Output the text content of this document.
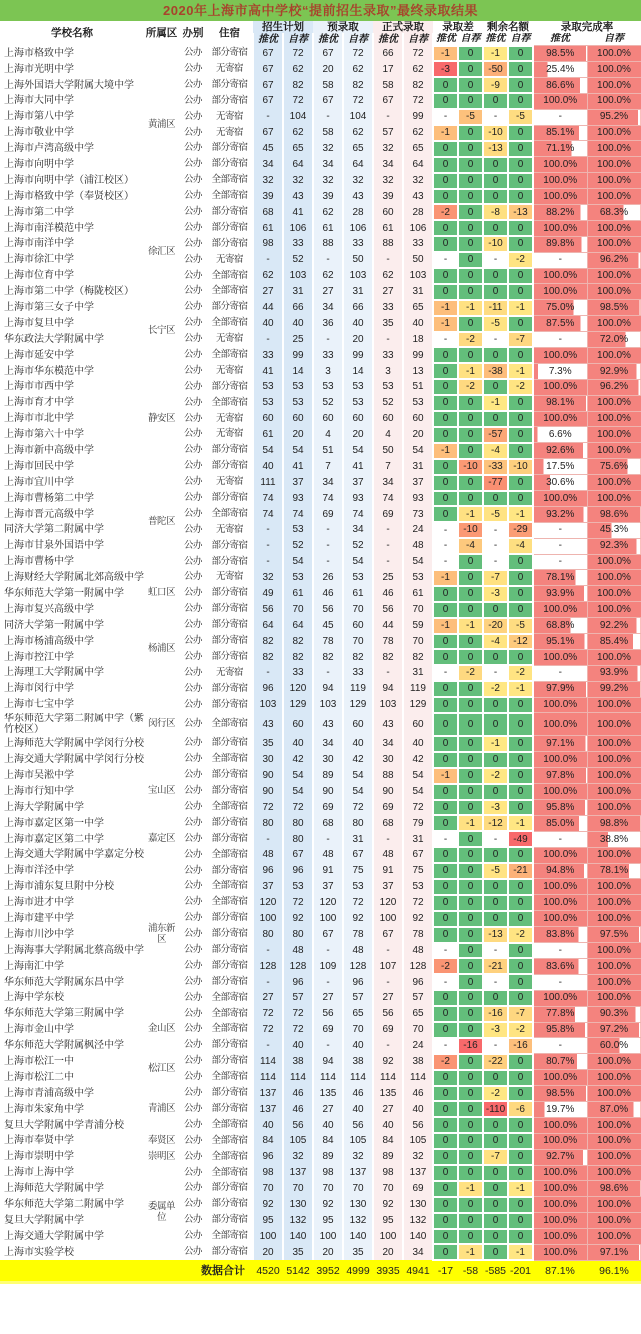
2020年上海市高中学校“提前招生录取”最终录取结果
学校名称	所属区	办别	住宿	招生计划		预录取		正式录取		录取差		剩余名额		录取完成率	
				推优	自荐	推优	自荐	推优	自荐	推优	自荐	推优	自荐	推优	自荐
上海市格致中学	黄浦区	公办	部分寄宿	67	72	67	72	66	72	-1	0	-1	0	98.5%	100.0%
上海市光明中学		公办	无寄宿	67	62	20	62	17	62	-3	0	-50	0	25.4%	100.0%
上海外国语大学附属大境中学		公办	部分寄宿	67	82	58	82	58	82	0	0	-9	0	86.6%	100.0%
上海市大同中学		公办	部分寄宿	67	72	67	72	67	72	0	0	0	0	100.0%	100.0%
上海市第八中学		公办	无寄宿	-	104	-	104	-	99	-	-5	-	-5	-	95.2%
上海市敬业中学		公办	无寄宿	67	62	58	62	57	62	-1	0	-10	0	85.1%	100.0%
上海市卢湾高级中学		公办	部分寄宿	45	65	32	65	32	65	0	0	-13	0	71.1%	100.0%
上海市向明中学		公办	部分寄宿	34	64	34	64	34	64	0	0	0	0	100.0%	100.0%
上海市向明中学（浦江校区）		公办	全部寄宿	32	32	32	32	32	32	0	0	0	0	100.0%	100.0%
上海市格致中学（奉贤校区）		公办	全部寄宿	39	43	39	43	39	43	0	0	0	0	100.0%	100.0%
上海市第二中学	徐汇区	公办	部分寄宿	68	41	62	28	60	28	-2	0	-8	-13	88.2%	68.3%
上海市南洋模范中学		公办	部分寄宿	61	106	61	106	61	106	0	0	0	0	100.0%	100.0%
上海市南洋中学		公办	部分寄宿	98	33	88	33	88	33	0	0	-10	0	89.8%	100.0%
上海市徐汇中学		公办	无寄宿	-	52	-	50	-	50	-	0	-	-2	-	96.2%
上海市位育中学		公办	全部寄宿	62	103	62	103	62	103	0	0	0	0	100.0%	100.0%
上海市第二中学（梅陇校区）		公办	全部寄宿	27	31	27	31	27	31	0	0	0	0	100.0%	100.0%
上海市第三女子中学	长宁区	公办	部分寄宿	44	66	34	66	33	65	-1	-1	-11	-1	75.0%	98.5%
上海市复旦中学		公办	全部寄宿	40	40	36	40	35	40	-1	0	-5	0	87.5%	100.0%
华东政法大学附属中学		公办	无寄宿	-	25	-	20	-	18	-	-2	-	-7	-	72.0%
上海市延安中学		公办	全部寄宿	33	99	33	99	33	99	0	0	0	0	100.0%	100.0%
上海市华东模范中学	静安区	公办	无寄宿	41	14	3	14	3	13	0	-1	-38	-1	7.3%	92.9%
上海市市西中学		公办	部分寄宿	53	53	53	53	53	51	0	-2	0	-2	100.0%	96.2%
上海市育才中学		公办	全部寄宿	53	53	52	53	52	53	0	0	-1	0	98.1%	100.0%
上海市市北中学		公办	无寄宿	60	60	60	60	60	60	0	0	0	0	100.0%	100.0%
上海市第六十中学		公办	无寄宿	61	20	4	20	4	20	0	0	-57	0	6.6%	100.0%
上海市新中高级中学		公办	部分寄宿	54	54	51	54	50	54	-1	0	-4	0	92.6%	100.0%
上海市回民中学		公办	部分寄宿	40	41	7	41	7	31	0	-10	-33	-10	17.5%	75.6%
上海市宜川中学	普陀区	公办	无寄宿	111	37	34	37	34	37	0	0	-77	0	30.6%	100.0%
上海市曹杨第二中学		公办	部分寄宿	74	93	74	93	74	93	0	0	0	0	100.0%	100.0%
上海市晋元高级中学		公办	全部寄宿	74	74	69	74	69	73	0	-1	-5	-1	93.2%	98.6%
同济大学第二附属中学		公办	无寄宿	-	53	-	34	-	24	-	-10	-	-29	-	45.3%
上海市甘泉外国语中学		公办	部分寄宿	-	52	-	52	-	48	-	-4	-	-4	-	92.3%
上海市曹杨中学		公办	部分寄宿	-	54	-	54	-	54	-	0	-	0	-	100.0%
上海财经大学附属北郊高级中学	虹口区	公办	无寄宿	32	53	26	53	25	53	-1	0	-7	0	78.1%	100.0%
华东师范大学第一附属中学		公办	部分寄宿	49	61	46	61	46	61	0	0	-3	0	93.9%	100.0%
上海市复兴高级中学		公办	部分寄宿	56	70	56	70	56	70	0	0	0	0	100.0%	100.0%
同济大学第一附属中学	杨浦区	公办	部分寄宿	64	64	45	60	44	59	-1	-1	-20	-5	68.8%	92.2%
上海市杨浦高级中学		公办	部分寄宿	82	82	78	70	78	70	0	0	-4	-12	95.1%	85.4%
上海市控江中学		公办	部分寄宿	82	82	82	82	82	82	0	0	0	0	100.0%	100.0%
上海理工大学附属中学		公办	无寄宿	-	33	-	33	-	31	-	-2	-	-2	-	93.9%
上海市闵行中学	闵行区	公办	部分寄宿	96	120	94	119	94	119	0	0	-2	-1	97.9%	99.2%
上海市七宝中学		公办	部分寄宿	103	129	103	129	103	129	0	0	0	0	100.0%	100.0%
华东师范大学第二附属中学（紫竹校区）		公办	全部寄宿	43	60	43	60	43	60	0	0	0	0	100.0%	100.0%
上海师范大学附属中学闵行分校		公办	部分寄宿	35	40	34	40	34	40	0	0	-1	0	97.1%	100.0%
上海交通大学附属中学闵行分校		公办	全部寄宿	30	42	30	42	30	42	0	0	0	0	100.0%	100.0%
上海市吴淞中学	宝山区	公办	部分寄宿	90	54	89	54	88	54	-1	0	-2	0	97.8%	100.0%
上海市行知中学		公办	部分寄宿	90	54	90	54	90	54	0	0	0	0	100.0%	100.0%
上海大学附属中学		公办	全部寄宿	72	72	69	72	69	72	0	0	-3	0	95.8%	100.0%
上海市嘉定区第一中学	嘉定区	公办	部分寄宿	80	80	68	80	68	79	0	-1	-12	-1	85.0%	98.8%
上海市嘉定区第二中学		公办	部分寄宿	-	80	-	31	-	31	-	0	-	-49	-	38.8%
上海交通大学附属中学嘉定分校		公办	全部寄宿	48	67	48	67	48	67	0	0	0	0	100.0%	100.0%
上海市洋泾中学	浦东新区	公办	部分寄宿	96	96	91	75	91	75	0	0	-5	-21	94.8%	78.1%
上海市浦东复旦附中分校		公办	全部寄宿	37	53	37	53	37	53	0	0	0	0	100.0%	100.0%
上海市进才中学		公办	全部寄宿	120	72	120	72	120	72	0	0	0	0	100.0%	100.0%
上海市建平中学		公办	部分寄宿	100	92	100	92	100	92	0	0	0	0	100.0%	100.0%
上海市川沙中学		公办	部分寄宿	80	80	67	78	67	78	0	0	-13	-2	83.8%	97.5%
上海海事大学附属北蔡高级中学		公办	部分寄宿	-	48	-	48	-	48	-	0	-	0	-	100.0%
上海南汇中学		公办	部分寄宿	128	128	109	128	107	128	-2	0	-21	0	83.6%	100.0%
华东师范大学附属东昌中学		公办	部分寄宿	-	96	-	96	-	96	-	0	-	0	-	100.0%
上海中学东校		公办	全部寄宿	27	57	27	57	27	57	0	0	0	0	100.0%	100.0%
华东师范大学第三附属中学	金山区	公办	全部寄宿	72	72	56	65	56	65	0	0	-16	-7	77.8%	90.3%
上海市金山中学		公办	全部寄宿	72	72	69	70	69	70	0	0	-3	-2	95.8%	97.2%
华东师范大学附属枫泾中学		公办	部分寄宿	-	40	-	40	-	24	-	-16	-	-16	-	60.0%
上海市松江一中	松江区	公办	部分寄宿	114	38	94	38	92	38	-2	0	-22	0	80.7%	100.0%
上海市松江二中		公办	全部寄宿	114	114	114	114	114	114	0	0	0	0	100.0%	100.0%
上海市青浦高级中学	青浦区	公办	部分寄宿	137	46	135	46	135	46	0	0	-2	0	98.5%	100.0%
上海市朱家角中学		公办	部分寄宿	137	46	27	40	27	40	0	0	-110	-6	19.7%	87.0%
复旦大学附属中学青浦分校		公办	全部寄宿	40	56	40	56	40	56	0	0	0	0	100.0%	100.0%
上海市奉贤中学	奉贤区	公办	全部寄宿	84	105	84	105	84	105	0	0	0	0	100.0%	100.0%
上海市崇明中学	崇明区	公办	全部寄宿	96	32	89	32	89	32	0	0	-7	0	92.7%	100.0%
上海市上海中学	委属单位	公办	全部寄宿	98	137	98	137	98	137	0	0	0	0	100.0%	100.0%
上海师范大学附属中学		公办	部分寄宿	70	70	70	70	70	69	0	-1	0	-1	100.0%	98.6%
华东师范大学第二附属中学		公办	部分寄宿	92	130	92	130	92	130	0	0	0	0	100.0%	100.0%
复旦大学附属中学		公办	部分寄宿	95	132	95	132	95	132	0	0	0	0	100.0%	100.0%
上海交通大学附属中学		公办	全部寄宿	100	140	100	140	100	140	0	0	0	0	100.0%	100.0%
上海市实验学校		公办	部分寄宿	20	35	20	35	20	34	0	-1	0	-1	100.0%	97.1%
数据合计				4520	5142	3952	4999	3935	4941	-17	-58	-585	-201	87.1%	96.1%
